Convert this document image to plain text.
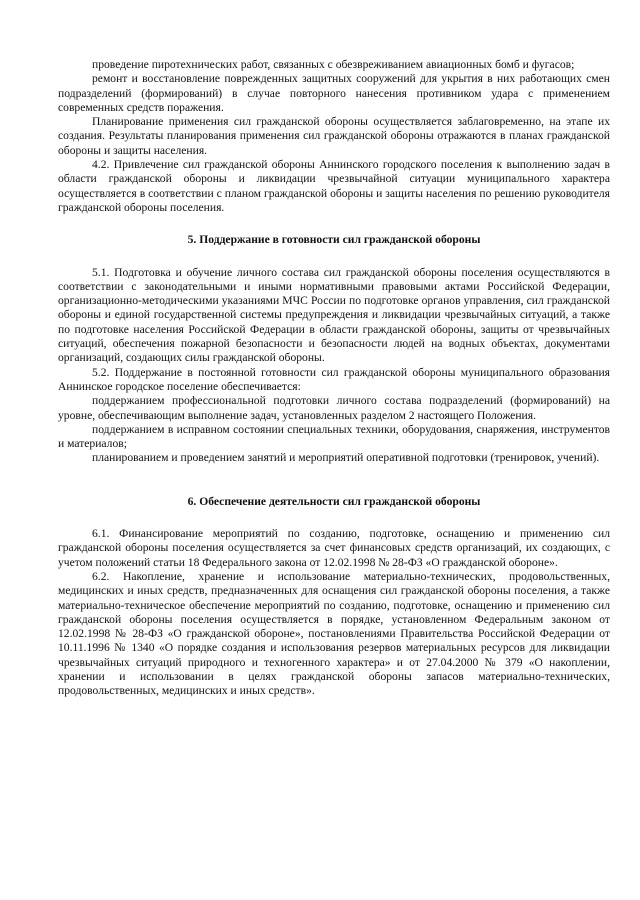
проведение пиротехнических работ, связанных с обезвреживанием авиационных бомб и фугасов;

ремонт и восстановление поврежденных защитных сооружений для укрытия в них работающих смен подразделений (формирований) в случае повторного нанесения противником удара с применением современных средств поражения.

Планирование применения сил гражданской обороны осуществляется заблаговременно, на этапе их создания. Результаты планирования применения сил гражданской обороны отражаются в планах гражданской обороны и защиты населения.

4.2. Привлечение сил гражданской обороны Аннинского городского поселения к выполнению задач в области гражданской обороны и ликвидации чрезвычайной ситуации муниципального характера осуществляется в соответствии с планом гражданской обороны и защиты населения по решению руководителя гражданской обороны поселения.

5. Поддержание в готовности сил гражданской обороны

5.1. Подготовка и обучение личного состава сил гражданской обороны поселения осуществляются в соответствии с законодательными и иными нормативными правовыми актами Российской Федерации, организационно-методическими указаниями МЧС России по подготовке органов управления, сил гражданской обороны и единой государственной системы предупреждения и ликвидации чрезвычайных ситуаций, а также по подготовке населения Российской Федерации в области гражданской обороны, защиты от чрезвычайных ситуаций, обеспечения пожарной безопасности и безопасности людей на водных объектах, документами организаций, создающих силы гражданской обороны.

5.2. Поддержание в постоянной готовности сил гражданской обороны муниципального образования Аннинское городское поселение обеспечивается:

поддержанием профессиональной подготовки личного состава подразделений (формирований) на уровне, обеспечивающим выполнение задач, установленных разделом 2 настоящего Положения.

поддержанием в исправном состоянии специальных техники, оборудования, снаряжения, инструментов и материалов;

планированием и проведением занятий и мероприятий оперативной подготовки (тренировок, учений).

6. Обеспечение деятельности сил гражданской обороны

6.1. Финансирование мероприятий по созданию, подготовке, оснащению и применению сил гражданской обороны поселения осуществляется за счет финансовых средств организаций, их создающих, с учетом положений статьи 18 Федерального закона от 12.02.1998 № 28-ФЗ «О гражданской обороне».

6.2. Накопление, хранение и использование материально-технических, продовольственных, медицинских и иных средств, предназначенных для оснащения сил гражданской обороны поселения, а также материально-техническое обеспечение мероприятий по созданию, подготовке, оснащению и применению сил гражданской обороны поселения осуществляется в порядке, установленном Федеральным законом от 12.02.1998 № 28-ФЗ «О гражданской обороне», постановлениями Правительства Российской Федерации от 10.11.1996 № 1340 «О порядке создания и использования резервов материальных ресурсов для ликвидации чрезвычайных ситуаций природного и техногенного характера» и от 27.04.2000 № 379 «О накоплении, хранении и использовании в целях гражданской обороны запасов материально-технических, продовольственных, медицинских и иных средств».
